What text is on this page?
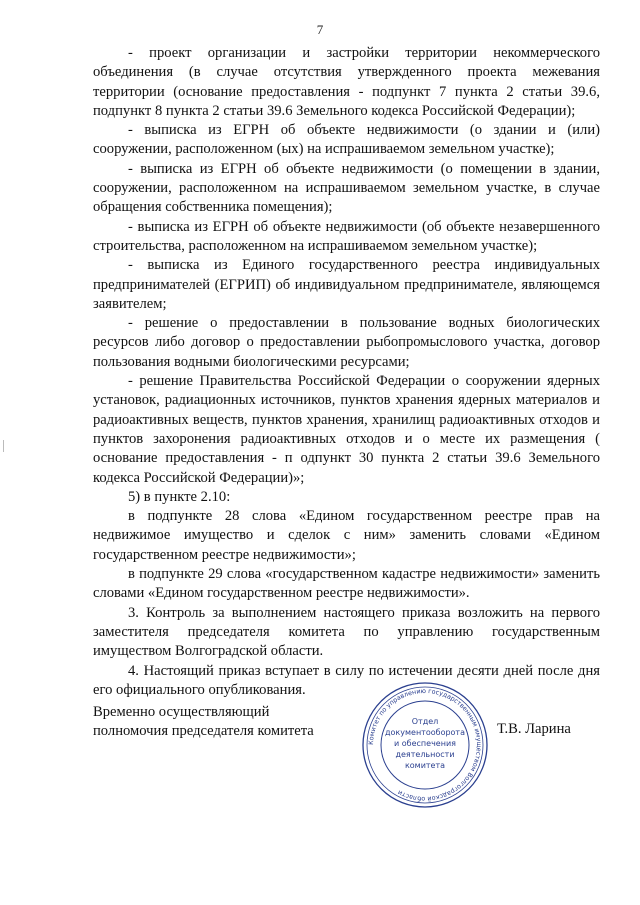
7

- проект организации и застройки территории некоммерческого объединения (в случае отсутствия утвержденного проекта межевания территории (основание предоставления - подпункт 7 пункта 2 статьи 39.6, подпункт 8 пункта 2 статьи 39.6 Земельного кодекса Российской Федерации);

- выписка из ЕГРН об объекте недвижимости (о здании и (или) сооружении, расположенном (ых) на испрашиваемом земельном участке);

- выписка из ЕГРН об объекте недвижимости (о помещении в здании, сооружении, расположенном на испрашиваемом земельном участке, в случае обращения собственника помещения);

- выписка из ЕГРН об объекте недвижимости (об объекте незавершенного строительства, расположенном на испрашиваемом земельном участке);

- выписка из Единого государственного реестра индивидуальных предпринимателей (ЕГРИП) об индивидуальном предпринимателе, являющемся заявителем;

- решение о предоставлении в пользование водных биологических ресурсов либо договор о предоставлении рыбопромыслового участка, договор пользования водными биологическими ресурсами;

- решение Правительства Российской Федерации о сооружении ядерных установок, радиационных источников, пунктов хранения ядерных материалов и радиоактивных веществ, пунктов хранения, хранилищ радиоактивных отходов и пунктов захоронения радиоактивных отходов и о месте их размещения ( основание предоставления - п одпункт 30 пункта 2 статьи 39.6 Земельного кодекса Российской Федерации)»;

5) в пункте 2.10:

в подпункте 28 слова «Едином государственном реестре прав на недвижимое имущество и сделок с ним» заменить словами «Едином государственном реестре недвижимости»;

в подпункте 29 слова «государственном кадастре недвижимости» заменить словами «Едином государственном реестре недвижимости».

3. Контроль за выполнением настоящего приказа возложить на первого заместителя председателя комитета по управлению государственным имуществом Волгоградской области.

4. Настоящий приказ вступает в силу по истечении десяти дней после дня его официального опубликования.

Временно осуществляющий
полномочия председателя комитета
Комитет по управлению государственным имуществом Волгоградской области
Отдел
документооборота
и обеспечения
деятельности
комитета
Т.В. Ларина
